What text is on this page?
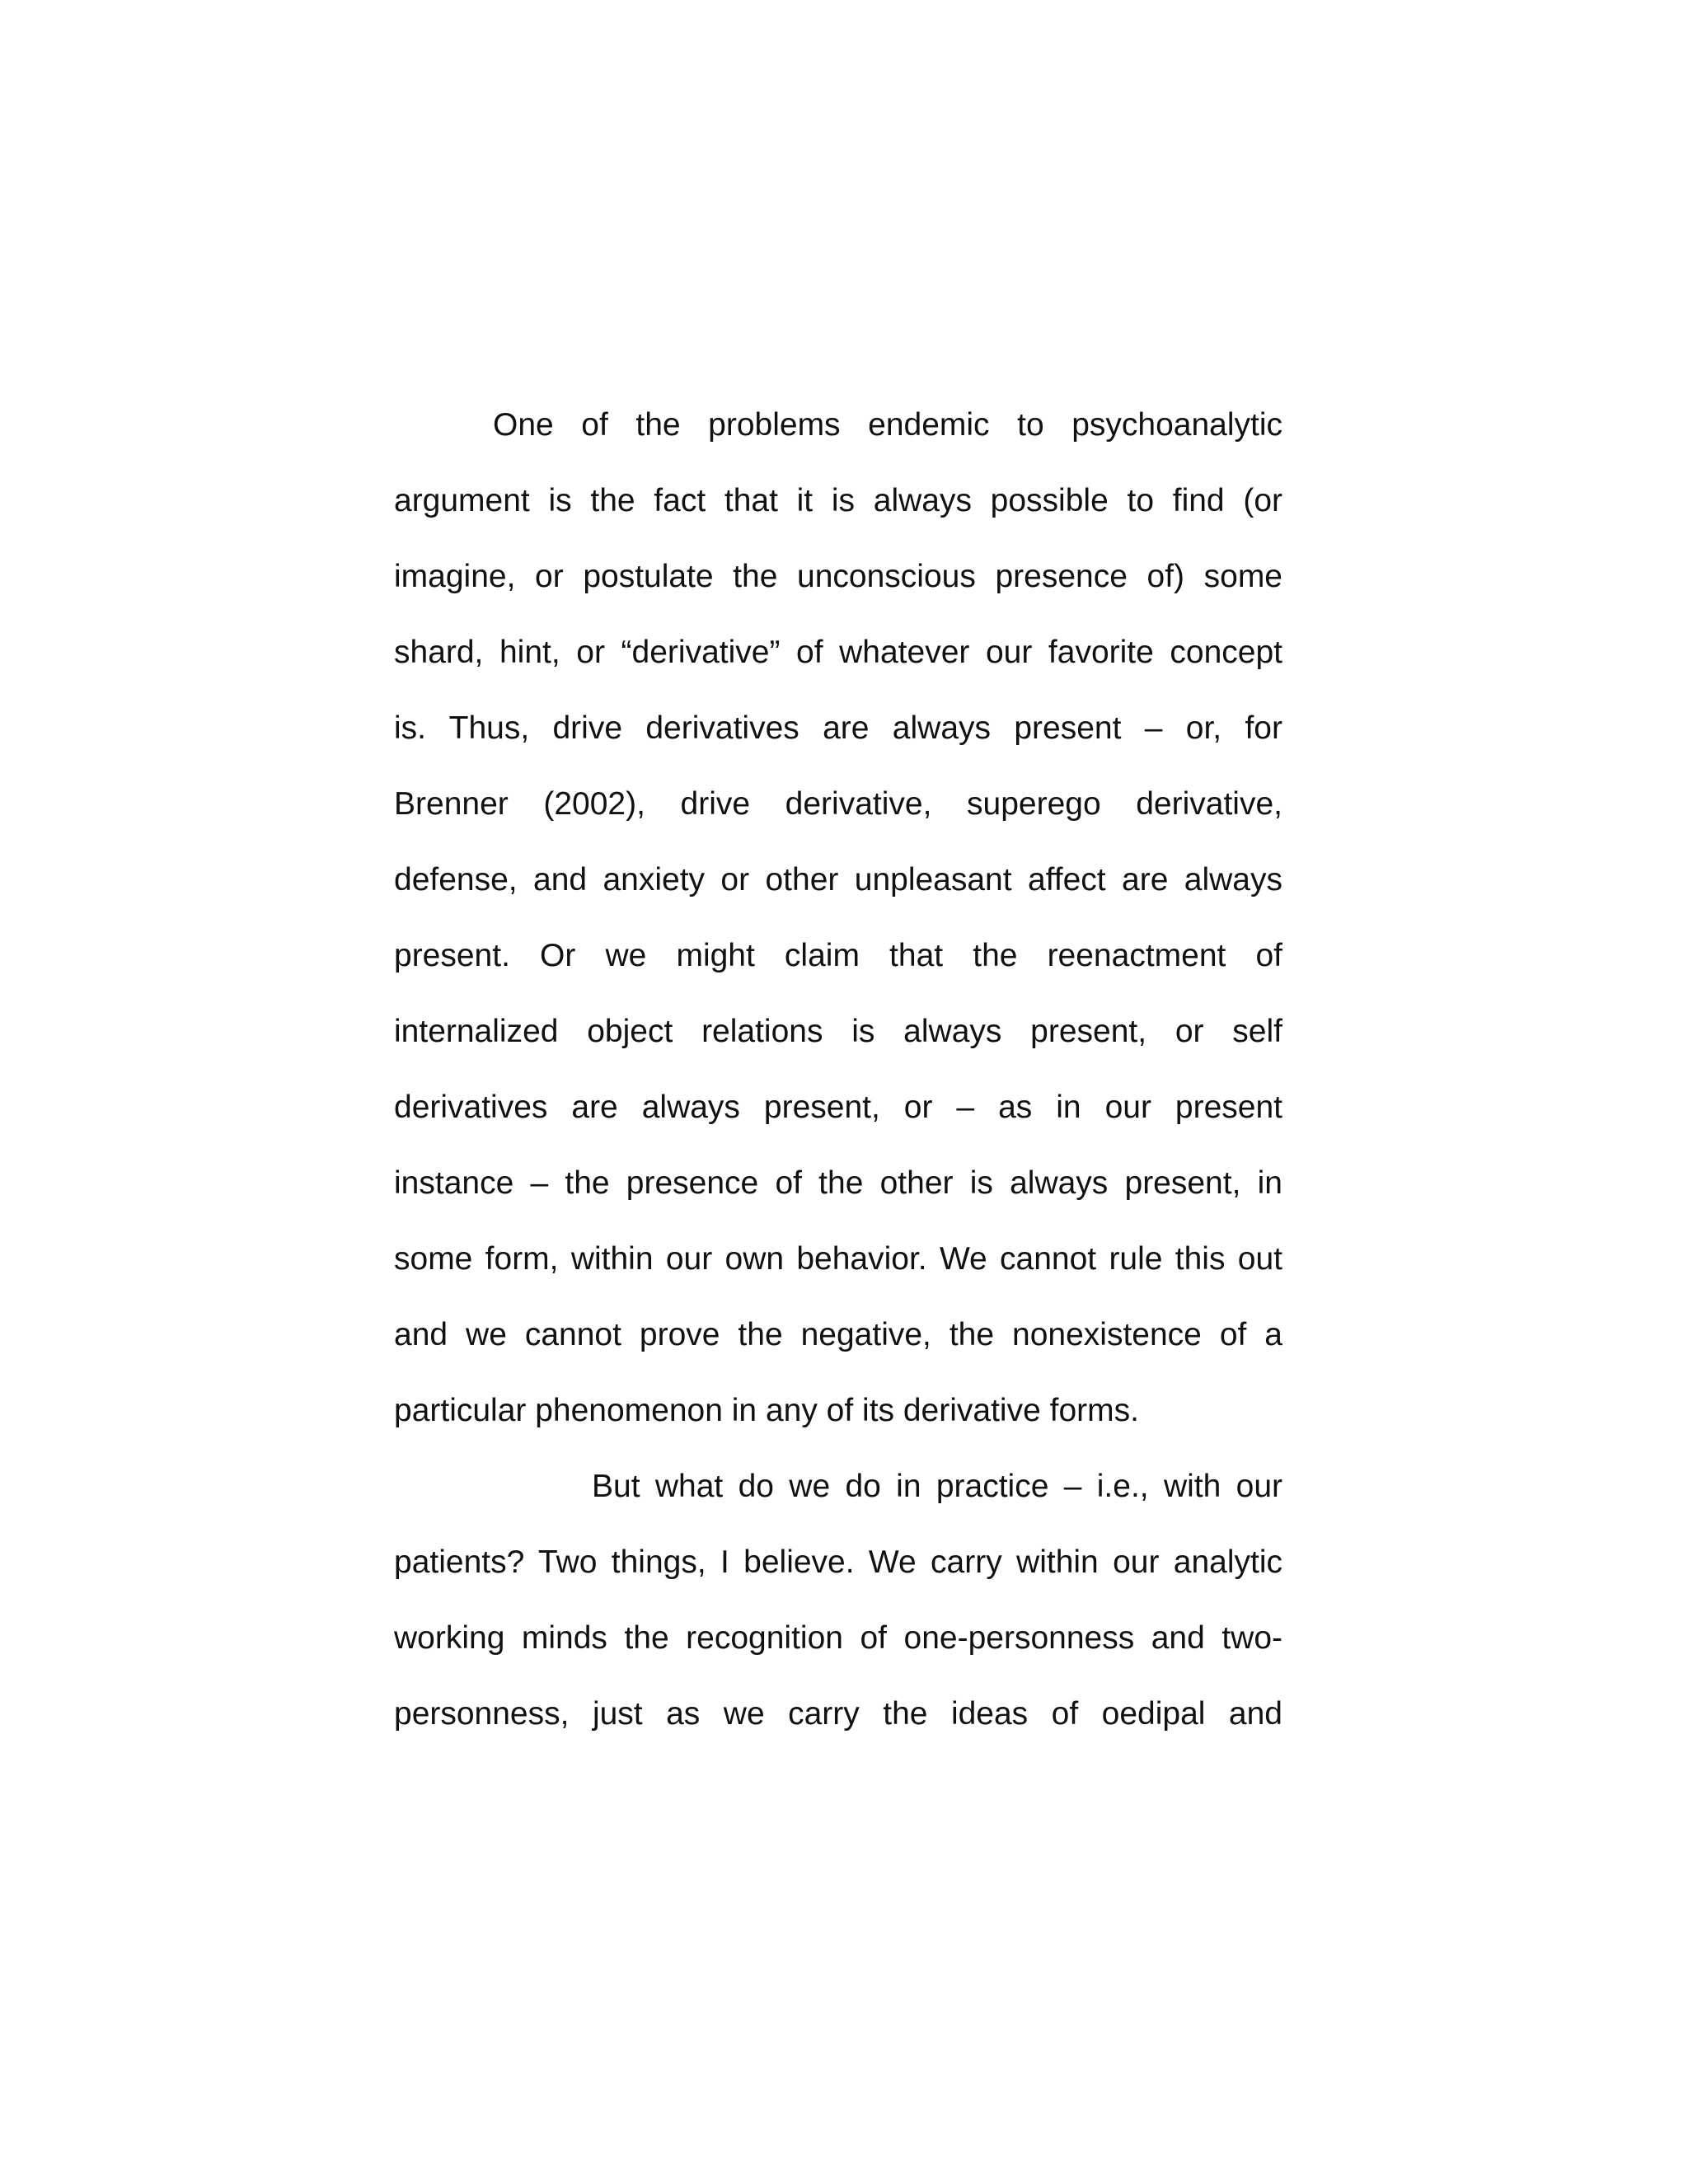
One of the problems endemic to psychoanalytic
argument is the fact that it is always possible to find (or
imagine, or postulate the unconscious presence of) some
shard, hint, or “derivative” of whatever our favorite concept
is. Thus, drive derivatives are always present – or, for
Brenner (2002), drive derivative, superego derivative,
defense, and anxiety or other unpleasant affect are always
present. Or we might claim that the reenactment of
internalized object relations is always present, or self
derivatives are always present, or – as in our present
instance – the presence of the other is always present, in
some form, within our own behavior. We cannot rule this out
and we cannot prove the negative, the nonexistence of a
particular phenomenon in any of its derivative forms.
But what do we do in practice – i.e., with our
patients? Two things, I believe. We carry within our analytic
working minds the recognition of one-personness and two-
personness, just as we carry the ideas of oedipal and
